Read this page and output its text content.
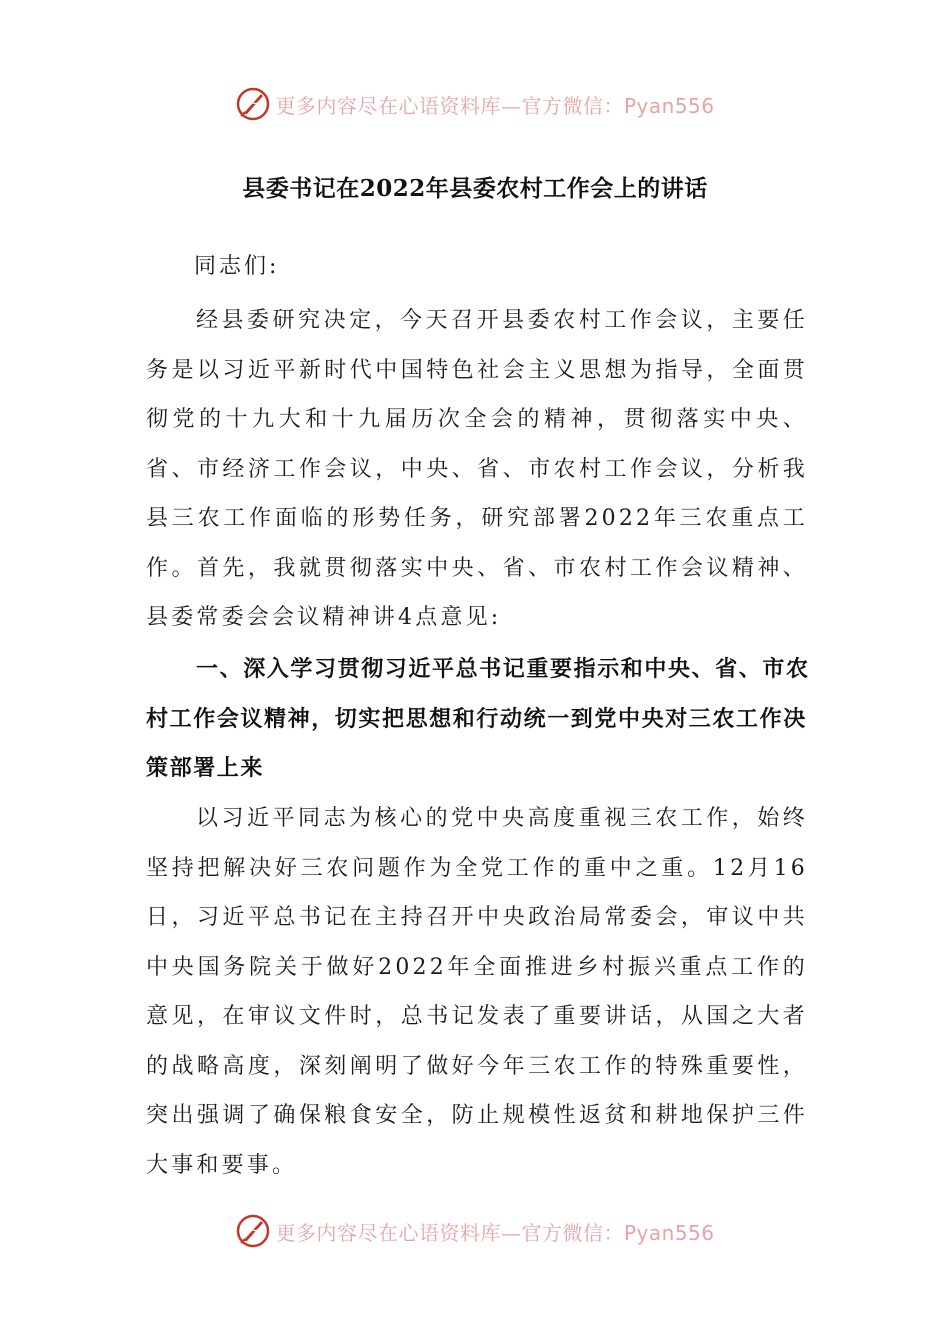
更多内容尽在心语资料库—官方微信：Pyan556
县委书记在2022年县委农村工作会上的讲话
同志们:
经县委研究决定，今天召开县委农村工作会议，主要任务是以习近平新时代中国特色社会主义思想为指导，全面贯彻党的十九大和十九届历次全会的精神，贯彻落实中央、省、市经济工作会议，中央、省、市农村工作会议，分析我县三农工作面临的形势任务，研究部署2022年三农重点工作。首先，我就贯彻落实中央、省、市农村工作会议精神、县委常委会会议精神讲4点意见:
一、深入学习贯彻习近平总书记重要指示和中央、省、市农村工作会议精神，切实把思想和行动统一到党中央对三农工作决策部署上来
以习近平同志为核心的党中央高度重视三农工作，始终坚持把解决好三农问题作为全党工作的重中之重。12月16日，习近平总书记在主持召开中央政治局常委会，审议中共中央国务院关于做好2022年全面推进乡村振兴重点工作的意见，在审议文件时，总书记发表了重要讲话，从国之大者的战略高度，深刻阐明了做好今年三农工作的特殊重要性，突出强调了确保粮食安全，防止规模性返贫和耕地保护三件大事和要事。
更多内容尽在心语资料库—官方微信：Pyan556
